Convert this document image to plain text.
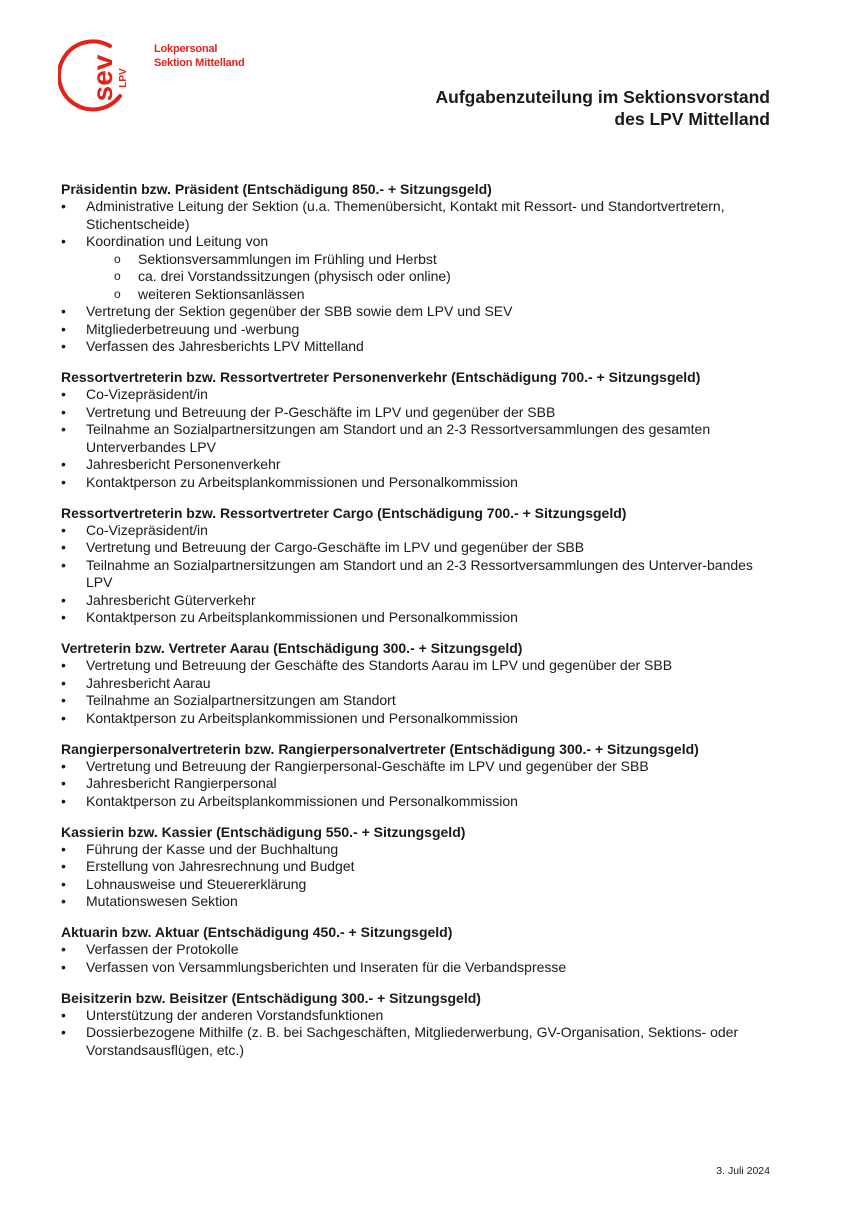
sev LPV
Lokpersonal
Sektion Mittelland
Aufgabenzuteilung im Sektionsvorstand
des LPV Mittelland
Präsidentin bzw. Präsident (Entschädigung 850.- + Sitzungsgeld)
• Administrative Leitung der Sektion (u.a. Themenübersicht, Kontakt mit Ressort- und Standortvertretern, Stichentscheide)
• Koordination und Leitung von
o Sektionsversammlungen im Frühling und Herbst
o ca. drei Vorstandssitzungen (physisch oder online)
o weiteren Sektionsanlässen
• Vertretung der Sektion gegenüber der SBB sowie dem LPV und SEV
• Mitgliederbetreuung und -werbung
• Verfassen des Jahresberichts LPV Mittelland
Ressortvertreterin bzw. Ressortvertreter Personenverkehr (Entschädigung 700.- + Sitzungsgeld)
• Co-Vizepräsident/in
• Vertretung und Betreuung der P-Geschäfte im LPV und gegenüber der SBB
• Teilnahme an Sozialpartnersitzungen am Standort und an 2-3 Ressortversammlungen des gesamten Unterverbandes LPV
• Jahresbericht Personenverkehr
• Kontaktperson zu Arbeitsplankommissionen und Personalkommission
Ressortvertreterin bzw. Ressortvertreter Cargo (Entschädigung 700.- + Sitzungsgeld)
• Co-Vizepräsident/in
• Vertretung und Betreuung der Cargo-Geschäfte im LPV und gegenüber der SBB
• Teilnahme an Sozialpartnersitzungen am Standort und an 2-3 Ressortversammlungen des Unterver-bandes LPV
• Jahresbericht Güterverkehr
• Kontaktperson zu Arbeitsplankommissionen und Personalkommission
Vertreterin bzw. Vertreter Aarau (Entschädigung 300.- + Sitzungsgeld)
• Vertretung und Betreuung der Geschäfte des Standorts Aarau im LPV und gegenüber der SBB
• Jahresbericht Aarau
• Teilnahme an Sozialpartnersitzungen am Standort
• Kontaktperson zu Arbeitsplankommissionen und Personalkommission
Rangierpersonalvertreterin bzw. Rangierpersonalvertreter (Entschädigung 300.- + Sitzungsgeld)
• Vertretung und Betreuung der Rangierpersonal-Geschäfte im LPV und gegenüber der SBB
• Jahresbericht Rangierpersonal
• Kontaktperson zu Arbeitsplankommissionen und Personalkommission
Kassierin bzw. Kassier (Entschädigung 550.- + Sitzungsgeld)
• Führung der Kasse und der Buchhaltung
• Erstellung von Jahresrechnung und Budget
• Lohnausweise und Steuererklärung
• Mutationswesen Sektion
Aktuarin bzw. Aktuar (Entschädigung 450.- + Sitzungsgeld)
• Verfassen der Protokolle
• Verfassen von Versammlungsberichten und Inseraten für die Verbandspresse
Beisitzerin bzw. Beisitzer (Entschädigung 300.- + Sitzungsgeld)
• Unterstützung der anderen Vorstandsfunktionen
• Dossierbezogene Mithilfe (z. B. bei Sachgeschäften, Mitgliederwerbung, GV-Organisation, Sektions- oder Vorstandsausflügen, etc.)
3. Juli 2024
